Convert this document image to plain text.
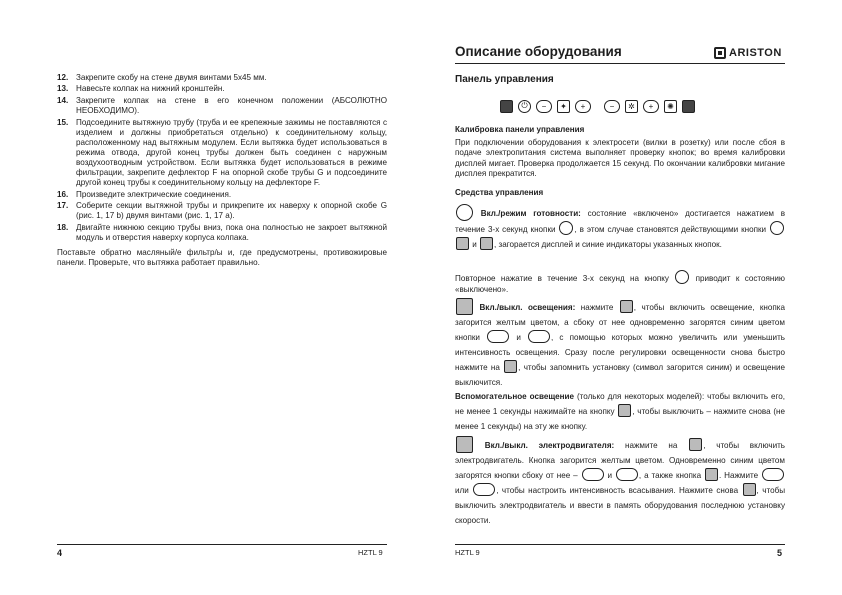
12. Закрепите скобу на стене двумя винтами 5х45 мм.
13. Навесьте колпак на нижний кронштейн.
14. Закрепите колпак на стене в его конечном положении (АБСОЛЮТНО НЕОБХОДИМО).
15. Подсоедините вытяжную трубу (труба и ее крепежные зажимы не поставляются с изделием и должны приобретаться отдельно) к соединительному кольцу, расположенному над вытяжным модулем. Если вытяжка будет использоваться в режима отвода, другой конец трубы должен быть соединен с наружным воздухоотводным устройством. Если вытяжка будет использоваться в режиме фильтрации, закрепите дефлектор F на опорной скобе трубы G и подсоедините другой конец трубы к соединительному кольцу на дефлекторе F.
16. Произведите электрические соединения.
17. Соберите секции вытяжной трубы и прикрепите их наверху к опорной скобе G (рис. 1, 17 b) двумя винтами (рис. 1, 17 a).
18. Двигайте нижнюю секцию трубы вниз, пока она полностью не закроет вытяжной модуль и отверстия наверху корпуса колпака.
Поставьте обратно масляный/е фильтр/ы и, где предусмотрены, противожировые панели. Проверьте, что вытяжка работает правильно.
4	HZTL 9
Описание оборудования	ARISTON
Панель управления
⏻	−	✦	+	−	✲	+	✺
Калибровка панели управления
При подключении оборудования к электросети (вилки в розетку) или после сбоя в подаче электропитания система выполняет проверку кнопок; во время калибровки дисплей мигает. Проверка продолжается 15 секунд. По окончании калибровки мигание дисплея прекратится.
Средства управления
Вкл./режим готовности: состояние «включено» достигается нажатием в течение 3-х секунд кнопки , в этом случае становятся действующими кнопки  и , загорается дисплей и синие индикаторы указанных кнопок.
Повторное нажатие в течение 3-х секунд на кнопку	приводит к состоянию «выключено».
Вкл./выкл. освещения: нажмите	, чтобы включить освещение, кнопка загорится желтым цветом, а сбоку от нее одновременно загорятся синим цветом кнопки	и	, с помощью которых можно увеличить или уменьшить интенсивность освещения. Сразу после регулировки освещенности снова быстро нажмите на , чтобы запомнить установку (символ загорится синим) и освещение выключится.
Вспомогательное освещение (только для некоторых моделей): чтобы включить его, не менее 1 секунды нажимайте на кнопку , чтобы выключить – нажмите снова (не менее 1 секунды) на эту же кнопку.
Вкл./выкл. электродвигателя: нажмите на	, чтобы включить электродвигатель. Кнопка загорится желтым цветом. Одновременно синим цветом загорятся кнопки сбоку от нее –	и	, а также кнопка . Нажмите  или	, чтобы настроить интенсивность всасывания. Нажмите снова , чтобы выключить электродвигатель и ввести в память оборудования последнюю установку скорости.
HZTL 9	5
